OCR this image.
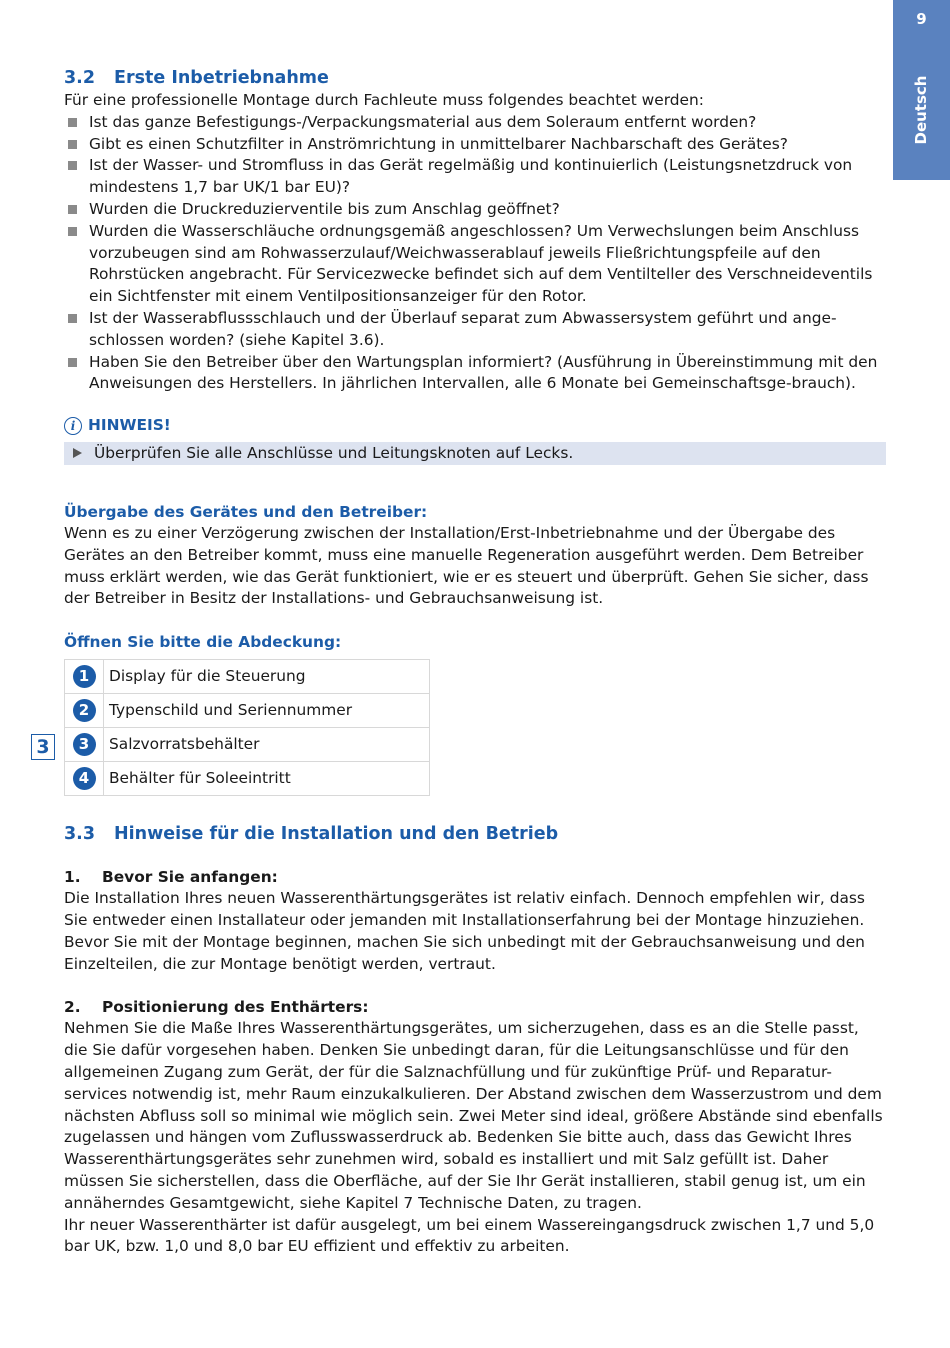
9
Deutsch
3
3.2 Erste Inbetriebnahme

Für eine professionelle Montage durch Fachleute muss folgendes beachtet werden:

Ist das ganze Befestigungs-/Verpackungsmaterial aus dem Soleraum entfernt worden?
Gibt es einen Schutzfilter in Anströmrichtung in unmittelbarer Nachbarschaft des Gerätes?
Ist der Wasser- und Stromfluss in das Gerät regelmäßig und kontinuierlich (Leistungsnetzdruck von mindestens 1,7 bar UK/1 bar EU)?
Wurden die Druckreduzierventile bis zum Anschlag geöffnet?
Wurden die Wasserschläuche ordnungsgemäß angeschlossen? Um Verwechslungen beim Anschluss vorzubeugen sind am Rohwasserzulauf/Weichwasserablauf jeweils Fließrichtungspfeile auf den Rohrstücken angebracht. Für Servicezwecke befindet sich auf dem Ventilteller des Verschneideventils ein Sichtfenster mit einem Ventilpositionsanzeiger für den Rotor.
Ist der Wasserabflussschlauch und der Überlauf separat zum Abwassersystem geführt und ange-schlossen worden? (siehe Kapitel 3.6).
Haben Sie den Betreiber über den Wartungsplan informiert? (Ausführung in Übereinstimmung mit den Anweisungen des Herstellers. In jährlichen Intervallen, alle 6 Monate bei Gemeinschaftsge-brauch).
i HINWEIS!
Überprüfen Sie alle Anschlüsse und Leitungsknoten auf Lecks.
Übergabe des Gerätes und den Betreiber:

Wenn es zu einer Verzögerung zwischen der Installation/Erst-Inbetriebnahme und der Übergabe des Gerätes an den Betreiber kommt, muss eine manuelle Regeneration ausgeführt werden. Dem Betreiber muss erklärt werden, wie das Gerät funktioniert, wie er es steuert und überprüft. Gehen Sie sicher, dass der Betreiber in Besitz der Installations- und Gebrauchsanweisung ist.

Öffnen Sie bitte die Abdeckung:
1	Display für die Steuerung
2	Typenschild und Seriennummer
3	Salzvorratsbehälter
4	Behälter für Soleeintritt
3.3 Hinweise für die Installation und den Betrieb
1. Bevor Sie anfangen:

Die Installation Ihres neuen Wasserenthärtungsgerätes ist relativ einfach. Dennoch empfehlen wir, dass Sie entweder einen Installateur oder jemanden mit Installationserfahrung bei der Montage hinzuziehen. Bevor Sie mit der Montage beginnen, machen Sie sich unbedingt mit der Gebrauchsanweisung und den Einzelteilen, die zur Montage benötigt werden, vertraut.

2. Positionierung des Enthärters:

Nehmen Sie die Maße Ihres Wasserenthärtungsgerätes, um sicherzugehen, dass es an die Stelle passt, die Sie dafür vorgesehen haben. Denken Sie unbedingt daran, für die Leitungsanschlüsse und für den allgemeinen Zugang zum Gerät, der für die Salznachfüllung und für zukünftige Prüf- und Reparatur-services notwendig ist, mehr Raum einzukalkulieren. Der Abstand zwischen dem Wasserzustrom und dem nächsten Abfluss soll so minimal wie möglich sein. Zwei Meter sind ideal, größere Abstände sind ebenfalls zugelassen und hängen vom Zuflusswasserdruck ab. Bedenken Sie bitte auch, dass das Gewicht Ihres Wasserenthärtungsgerätes sehr zunehmen wird, sobald es installiert und mit Salz gefüllt ist. Daher müssen Sie sicherstellen, dass die Oberfläche, auf der Sie Ihr Gerät installieren, stabil genug ist, um ein annäherndes Gesamtgewicht, siehe Kapitel 7 Technische Daten, zu tragen.

Ihr neuer Wasserenthärter ist dafür ausgelegt, um bei einem Wassereingangsdruck zwischen 1,7 und 5,0 bar UK, bzw. 1,0 und 8,0 bar EU effizient und effektiv zu arbeiten.
